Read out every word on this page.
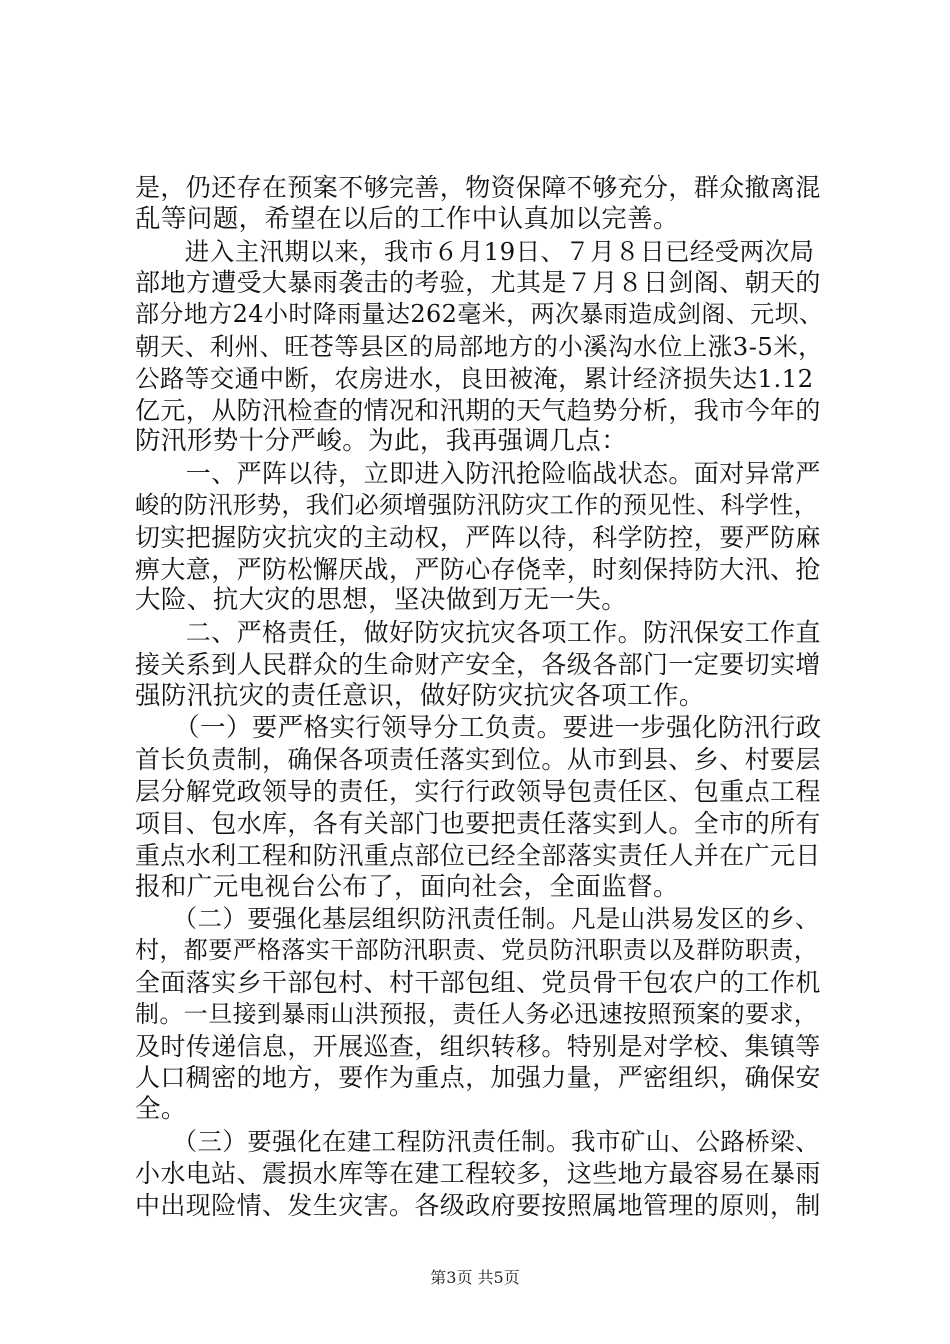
是，仍还存在预案不够完善，物资保障不够充分，群众撤离混
乱等问题，希望在以后的工作中认真加以完善。
　　进入主汛期以来，我市６月19日、７月８日已经受两次局
部地方遭受大暴雨袭击的考验，尤其是７月８日剑阁、朝天的
部分地方24小时降雨量达262毫米，两次暴雨造成剑阁、元坝、
朝天、利州、旺苍等县区的局部地方的小溪沟水位上涨3-5米，
公路等交通中断，农房进水，良田被淹，累计经济损失达1.12
亿元，从防汛检查的情况和汛期的天气趋势分析，我市今年的
防汛形势十分严峻。为此，我再强调几点：
　　一、严阵以待，立即进入防汛抢险临战状态。面对异常严
峻的防汛形势，我们必须增强防汛防灾工作的预见性、科学性，
切实把握防灾抗灾的主动权，严阵以待，科学防控，要严防麻
痹大意，严防松懈厌战，严防心存侥幸，时刻保持防大汛、抢
大险、抗大灾的思想，坚决做到万无一失。
　　二、严格责任，做好防灾抗灾各项工作。防汛保安工作直
接关系到人民群众的生命财产安全，各级各部门一定要切实增
强防汛抗灾的责任意识，做好防灾抗灾各项工作。
　　（一）要严格实行领导分工负责。要进一步强化防汛行政
首长负责制，确保各项责任落实到位。从市到县、乡、村要层
层分解党政领导的责任，实行行政领导包责任区、包重点工程
项目、包水库，各有关部门也要把责任落实到人。全市的所有
重点水利工程和防汛重点部位已经全部落实责任人并在广元日
报和广元电视台公布了，面向社会，全面监督。
　　（二）要强化基层组织防汛责任制。凡是山洪易发区的乡、
村，都要严格落实干部防汛职责、党员防汛职责以及群防职责，
全面落实乡干部包村、村干部包组、党员骨干包农户的工作机
制。一旦接到暴雨山洪预报，责任人务必迅速按照预案的要求，
及时传递信息，开展巡查，组织转移。特别是对学校、集镇等
人口稠密的地方，要作为重点，加强力量，严密组织，确保安
全。
　　（三）要强化在建工程防汛责任制。我市矿山、公路桥梁、
小水电站、震损水库等在建工程较多，这些地方最容易在暴雨
中出现险情、发生灾害。各级政府要按照属地管理的原则，制
第3页 共5页
